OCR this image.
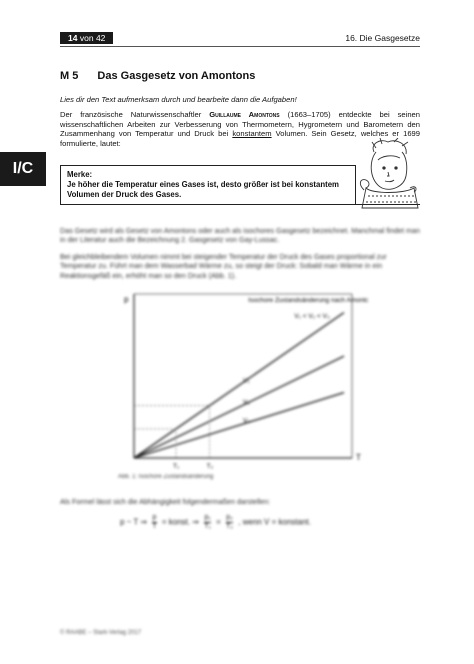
14 von 42	16. Die Gasgesetze
I/C
M 5 Das Gasgesetz von Amontons
Lies dir den Text aufmerksam durch und bearbeite dann die Aufgaben!
Der französische Naturwissenschaftler Guillaume Amontons (1663–1705) entdeckte bei seinen wissenschaftlichen Arbeiten zur Verbesserung von Thermometern, Hygrometern und Barometern den Zusammenhang von Temperatur und Druck bei konstantem Volumen. Sein Gesetz, welches er 1699 formulierte, lautet:
Merke:
Je höher die Temperatur eines Gases ist, desto größer ist bei konstantem Volumen der Druck des Gases.
Das Gesetz wird als Gesetz von Amontons oder auch als isochores Gasgesetz bezeichnet. Manchmal findet man in der Literatur auch die Bezeichnung 2. Gasgesetz von Gay-Lussac.
Bei gleichbleibendem Volumen nimmt bei steigender Temperatur der Druck des Gases proportional zur Temperatur zu. Führt man dem Wasserbad Wärme zu, so steigt der Druck: Sobald man Wärme in ein Reaktionsgefäß ein, erhöht man so den Druck (Abb. 1).
p
T
Isochore Zustandsänderung nach Amontons
V₁ < V₂ < V₃
V₁
V₂
V₃
T₁	T₂
Abb. 1: Isochore Zustandsänderung
Als Formel lässt sich die Abhängigkeit folgendermaßen darstellen:
p ~ T ⇒ $\frac{p}{T}$ = konst. ⇒ $\frac{\text{p₁}}{\text{T₁}} = \frac{\text{p₂}}{\text{T₂}}$ , wenn V = konstant.
© RAABE – Stark-Verlag 2017
